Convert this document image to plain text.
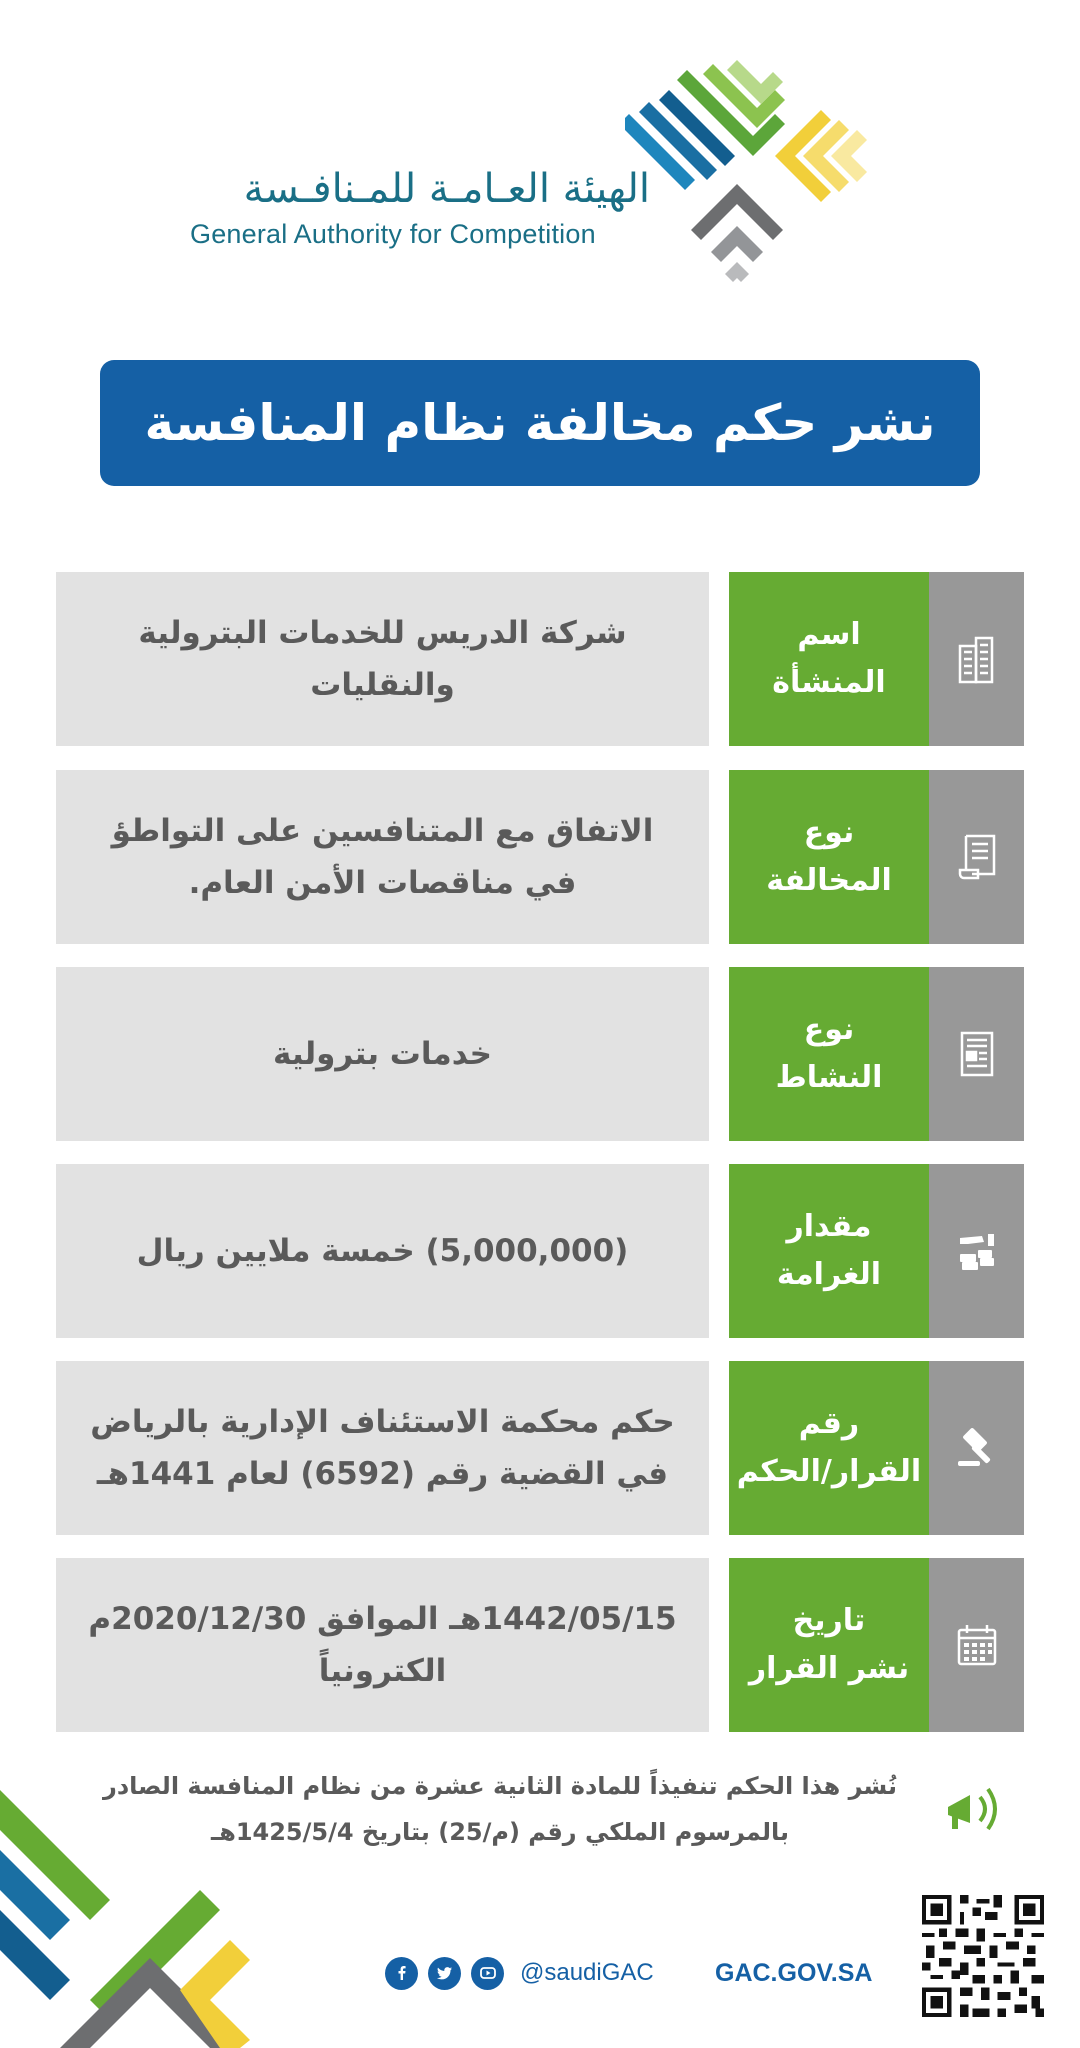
الهيئة العـامـة للمـنافـسة
General Authority for Competition
نشر حكم مخالفة نظام المنافسة
شركة الدريس للخدمات البترولية والنقليات
اسم
المنشأة
الاتفاق مع المتنافسين على التواطؤ في مناقصات الأمن العام.
نوع
المخالفة
خدمات بترولية
نوع
النشاط
(5,000,000) خمسة ملايين ريال
مقدار
الغرامة
حكم محكمة الاستئناف الإدارية بالرياض في القضية رقم (6592) لعام 1441هـ
رقم
القرار/الحكم
1442/05/15هـ الموافق 2020/12/30م الكترونياً
تاريخ
نشر القرار
نُشر هذا الحكم تنفيذاً للمادة الثانية عشرة من نظام المنافسة الصادر بالمرسوم الملكي رقم (م/25) بتاريخ 1425/5/4هـ
@saudiGAC GAC.GOV.SA
